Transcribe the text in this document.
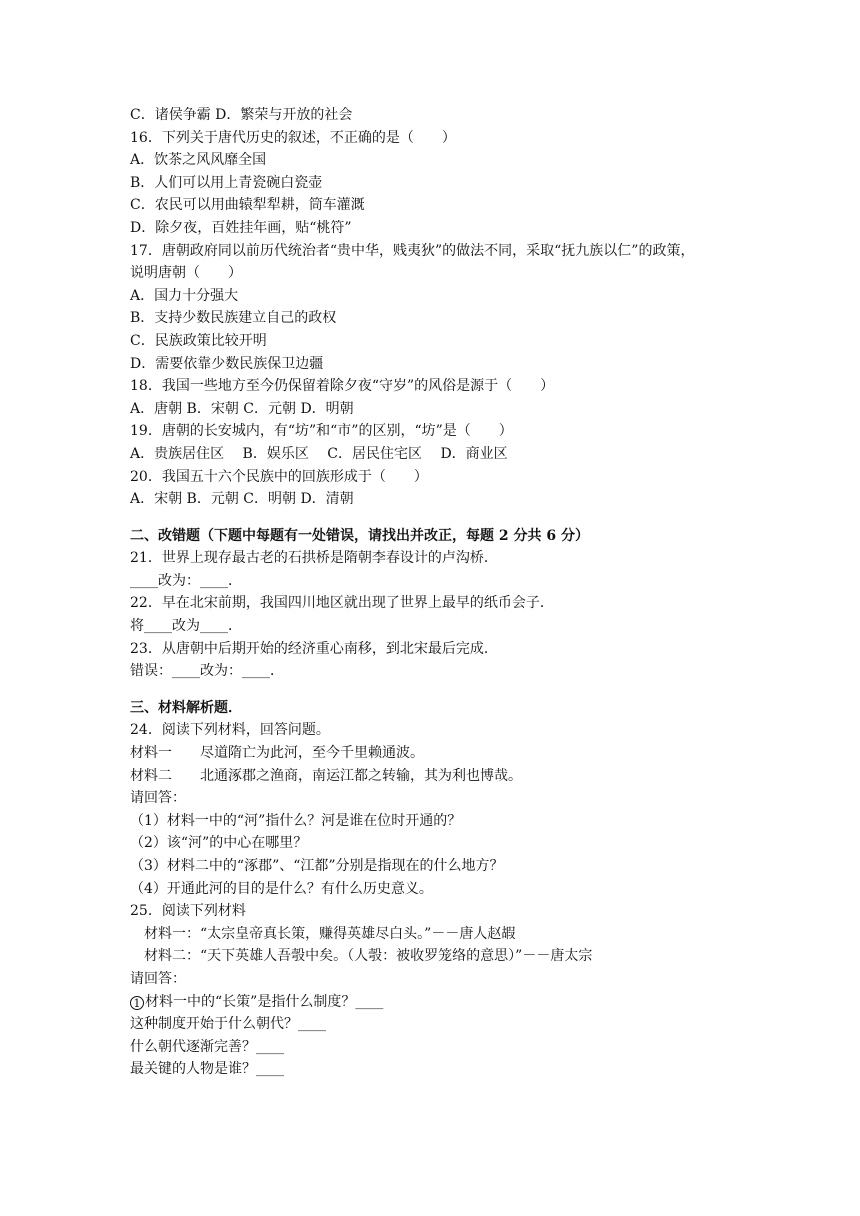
C．诸侯争霸 D．繁荣与开放的社会
16．下列关于唐代历史的叙述，不正确的是（　　）
A．饮茶之风风靡全国
B．人们可以用上青瓷碗白瓷壶
C．农民可以用曲辕犁犁耕，筒车灌溉
D．除夕夜，百姓挂年画，贴“桃符”
17．唐朝政府同以前历代统治者“贵中华，贱夷狄”的做法不同，采取“抚九族以仁”的政策，
说明唐朝（　　）
A．国力十分强大
B．支持少数民族建立自己的政权
C．民族政策比较开明
D．需要依靠少数民族保卫边疆
18．我国一些地方至今仍保留着除夕夜“守岁”的风俗是源于（　　）
A．唐朝 B．宋朝 C．元朝 D．明朝
19．唐朝的长安城内，有“坊”和“市”的区别，“坊”是（　　）
A．贵族居住区　 B．娱乐区　 C．居民住宅区　 D．商业区
20．我国五十六个民族中的回族形成于（　　）
A．宋朝 B．元朝 C．明朝 D．清朝
二、改错题（下题中每题有一处错误，请找出并改正，每题 2 分共 6 分）
21．世界上现存最古老的石拱桥是隋朝李春设计的卢沟桥．
____改为：____．
22．早在北宋前期，我国四川地区就出现了世界上最早的纸币会子．
将____改为____．
23．从唐朝中后期开始的经济重心南移，到北宋最后完成．
错误：____改为：____．
三、材料解析题．
24．阅读下列材料，回答问题。
材料一　　尽道隋亡为此河，至今千里赖通波。
材料二　　北通涿郡之渔商，南运江都之转输，其为利也博哉。
请回答：
（1）材料一中的“河”指什么？河是谁在位时开通的？
（2）该“河”的中心在哪里？
（3）材料二中的“涿郡”、“江都”分别是指现在的什么地方？
（4）开通此河的目的是什么？有什么历史意义。
25．阅读下列材料
材料一：“太宗皇帝真长策，赚得英雄尽白头。”－－唐人赵嘏
材料二：“天下英雄人吾彀中矣。（人彀：被收罗笼络的意思）”－－唐太宗
请回答：
1 材料一中的“长策”是指什么制度？____
这种制度开始于什么朝代？____
什么朝代逐渐完善？____
最关键的人物是谁？____
